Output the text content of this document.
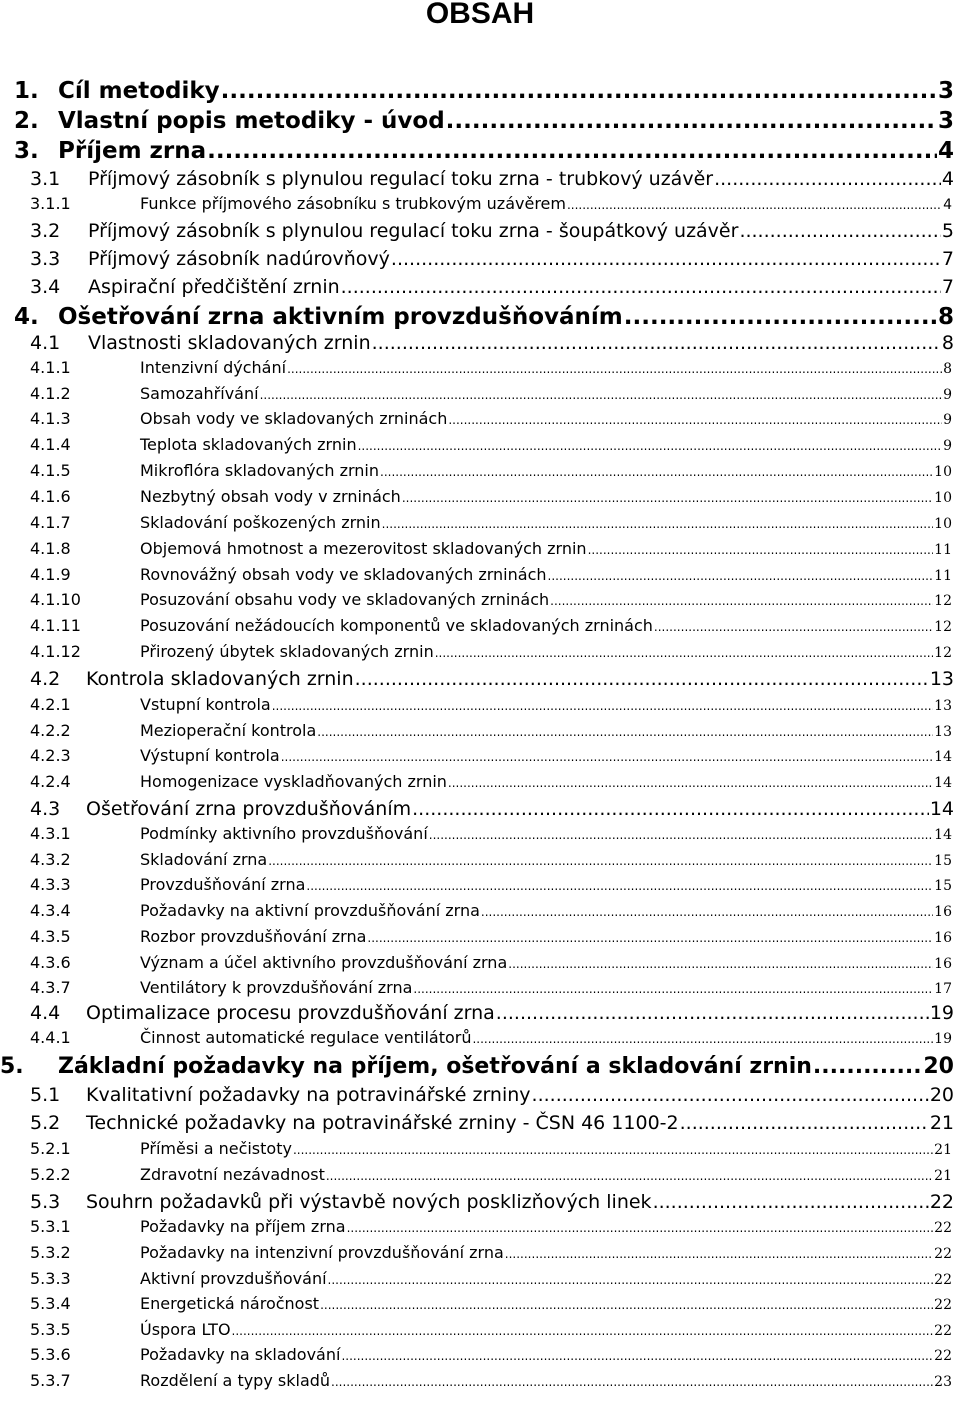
OBSAH
1. Cíl metodiky .....	3
2. Vlastní popis metodiky - úvod .....	3
3. Příjem zrna .....	4
3.1	Příjmový zásobník s plynulou regulací toku zrna - trubkový uzávěr .....	4
3.1.1	Funkce příjmového zásobníku s trubkovým uzávěrem .....	4
3.2	Příjmový zásobník s plynulou regulací toku zrna - šoupátkový uzávěr .....	5
3.3	Příjmový zásobník nadúrovňový .....	7
3.4	Aspirační předčištění zrnin .....	7
4. Ošetřování zrna aktivním provzdušňováním .....	8
4.1	Vlastnosti skladovaných zrnin .....	8
4.1.1	Intenzivní dýchání .....	8
4.1.2	Samozahřívání .....	9
4.1.3	Obsah vody ve skladovaných zrninách .....	9
4.1.4	Teplota skladovaných zrnin .....	9
4.1.5	Mikroflóra skladovaných zrnin .....	10
4.1.6	Nezbytný obsah vody v zrninách .....	10
4.1.7	Skladování poškozených zrnin .....	10
4.1.8	Objemová hmotnost a mezerovitost skladovaných zrnin .....	11
4.1.9	Rovnovážný obsah vody ve skladovaných zrninách .....	11
4.1.10	Posuzování obsahu vody ve skladovaných zrninách .....	12
4.1.11	Posuzování nežádoucích komponentů ve skladovaných zrninách .....	12
4.1.12	Přirozený úbytek skladovaných zrnin .....	12
4.2	Kontrola skladovaných zrnin .....	13
4.2.1	Vstupní kontrola .....	13
4.2.2	Mezioperační kontrola .....	13
4.2.3	Výstupní kontrola .....	14
4.2.4	Homogenizace vyskladňovaných zrnin .....	14
4.3	Ošetřování zrna provzdušňováním .....	14
4.3.1	Podmínky aktivního provzdušňování .....	14
4.3.2	Skladování zrna .....	15
4.3.3	Provzdušňování zrna .....	15
4.3.4	Požadavky na aktivní provzdušňování zrna .....	16
4.3.5	Rozbor provzdušňování zrna .....	16
4.3.6	Význam a účel aktivního provzdušňování zrna .....	16
4.3.7	Ventilátory k provzdušňování zrna .....	17
4.4	Optimalizace procesu provzdušňování zrna .....	19
4.4.1	Činnost automatické regulace ventilátorů .....	19
5.	Základní požadavky na příjem, ošetřování a skladování zrnin .....	20
5.1	Kvalitativní požadavky na potravinářské zrniny .....	20
5.2	Technické požadavky na potravinářské zrniny - ČSN 46 1100-2 .....	21
5.2.1	Příměsi a nečistoty .....	21
5.2.2	Zdravotní nezávadnost .....	21
5.3	Souhrn požadavků při výstavbě nových posklizňových linek .....	22
5.3.1	Požadavky na příjem zrna .....	22
5.3.2	Požadavky na intenzivní provzdušňování zrna .....	22
5.3.3	Aktivní provzdušňování .....	22
5.3.4	Energetická náročnost .....	22
5.3.5	Úspora LTO .....	22
5.3.6	Požadavky na skladování .....	22
5.3.7	Rozdělení a typy skladů .....	23
